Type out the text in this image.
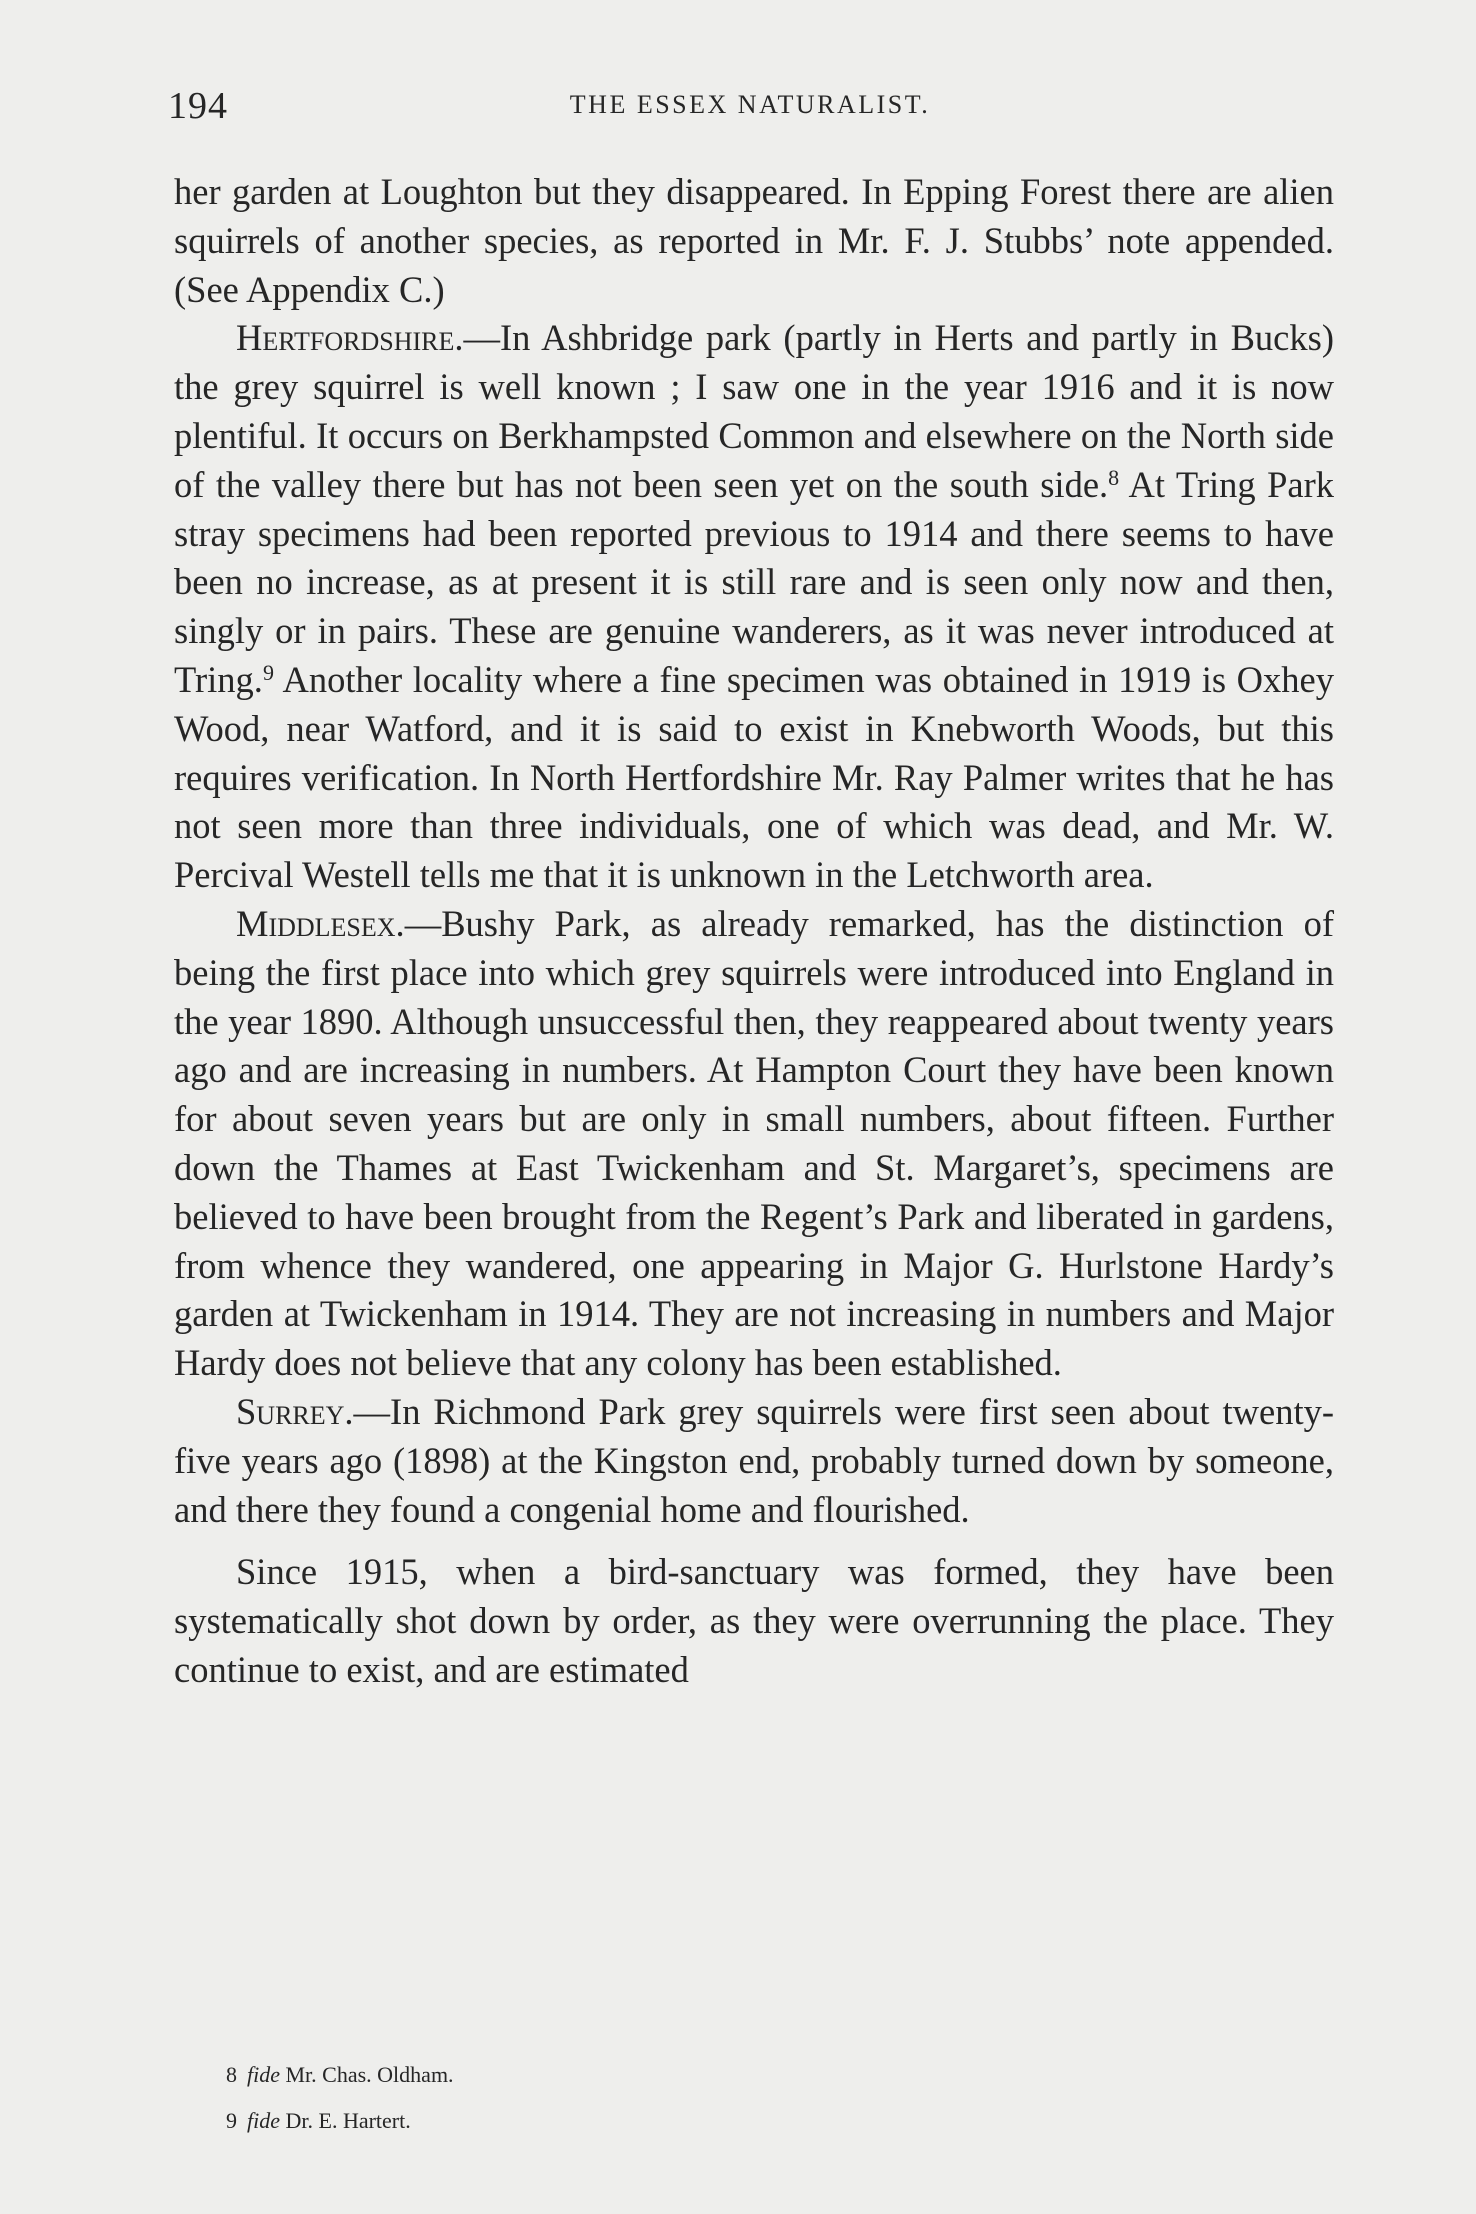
194	THE ESSEX NATURALIST.

her garden at Loughton but they disappeared. In Epping Forest there are alien squirrels of another species, as reported in Mr. F. J. Stubbs’ note appended. (See Appendix C.)

Hertfordshire.—In Ashbridge park (partly in Herts and partly in Bucks) the grey squirrel is well known ; I saw one in the year 1916 and it is now plentiful. It occurs on Berkhampsted Common and elsewhere on the North side of the valley there but has not been seen yet on the south side.$^8$ At Tring Park stray specimens had been reported previous to 1914 and there seems to have been no increase, as at present it is still rare and is seen only now and then, singly or in pairs. These are genuine wanderers, as it was never introduced at Tring.$^9$ Another locality where a fine specimen was obtained in 1919 is Oxhey Wood, near Watford, and it is said to exist in Knebworth Woods, but this requires verification. In North Hertfordshire Mr. Ray Palmer writes that he has not seen more than three individuals, one of which was dead, and Mr. W. Percival Westell tells me that it is unknown in the Letchworth area.

Middlesex.—Bushy Park, as already remarked, has the distinction of being the first place into which grey squirrels were introduced into England in the year 1890. Although unsuccessful then, they reappeared about twenty years ago and are increasing in numbers. At Hampton Court they have been known for about seven years but are only in small numbers, about fifteen. Further down the Thames at East Twickenham and St. Margaret’s, specimens are believed to have been brought from the Regent’s Park and liberated in gardens, from whence they wandered, one appearing in Major G. Hurlstone Hardy’s garden at Twickenham in 1914. They are not increasing in numbers and Major Hardy does not believe that any colony has been established.

Surrey.—In Richmond Park grey squirrels were first seen about twenty-five years ago (1898) at the Kingston end, probably turned down by someone, and there they found a congenial home and flourished.

Since 1915, when a bird-sanctuary was formed, they have been systematically shot down by order, as they were overrunning the place. They continue to exist, and are estimated

8 fide Mr. Chas. Oldham.

9 fide Dr. E. Hartert.
